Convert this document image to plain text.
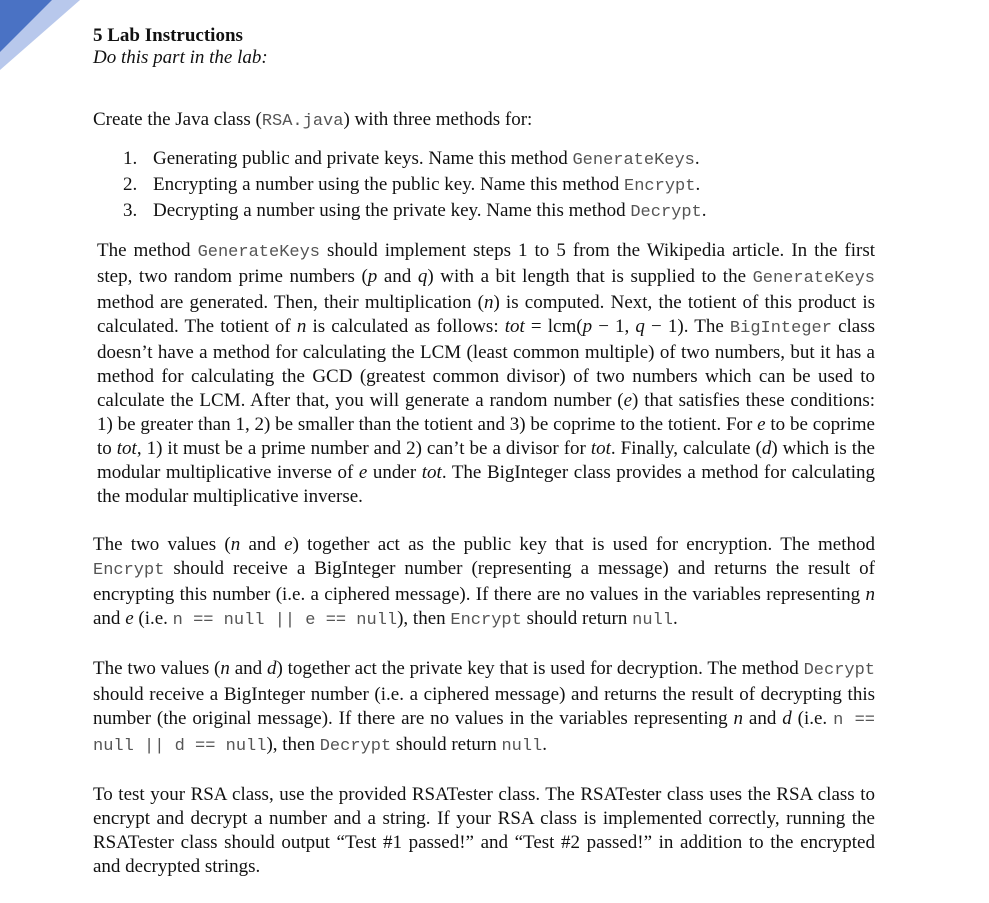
5 Lab Instructions
Do this part in the lab:

Create the Java class (RSA.java) with three methods for:

1. Generating public and private keys. Name this method GenerateKeys.
2. Encrypting a number using the public key. Name this method Encrypt.
3. Decrypting a number using the private key. Name this method Decrypt.

The method GenerateKeys should implement steps 1 to 5 from the Wikipedia article. In the first step, two random prime numbers (p and q) with a bit length that is supplied to the GenerateKeys method are generated. Then, their multiplication (n) is computed. Next, the totient of this product is calculated. The totient of n is calculated as follows: tot = lcm(p − 1, q − 1). The BigInteger class doesn’t have a method for calculating the LCM (least common multiple) of two numbers, but it has a method for calculating the GCD (greatest common divisor) of two numbers which can be used to calculate the LCM. After that, you will generate a random number (e) that satisfies these conditions: 1) be greater than 1, 2) be smaller than the totient and 3) be coprime to the totient. For e to be coprime to tot, 1) it must be a prime number and 2) can’t be a divisor for tot. Finally, calculate (d) which is the modular multiplicative inverse of e under tot. The BigInteger class provides a method for calculating the modular multiplicative inverse.

The two values (n and e) together act as the public key that is used for encryption. The method Encrypt should receive a BigInteger number (representing a message) and returns the result of encrypting this number (i.e. a ciphered message). If there are no values in the variables representing n and e (i.e. n == null || e == null), then Encrypt should return null.

The two values (n and d) together act the private key that is used for decryption. The method Decrypt should receive a BigInteger number (i.e. a ciphered message) and returns the result of decrypting this number (the original message). If there are no values in the variables representing n and d (i.e. n == null || d == null), then Decrypt should return null.

To test your RSA class, use the provided RSATester class. The RSATester class uses the RSA class to encrypt and decrypt a number and a string. If your RSA class is implemented correctly, running the RSATester class should output “Test #1 passed!” and “Test #2 passed!” in addition to the encrypted and decrypted strings.
